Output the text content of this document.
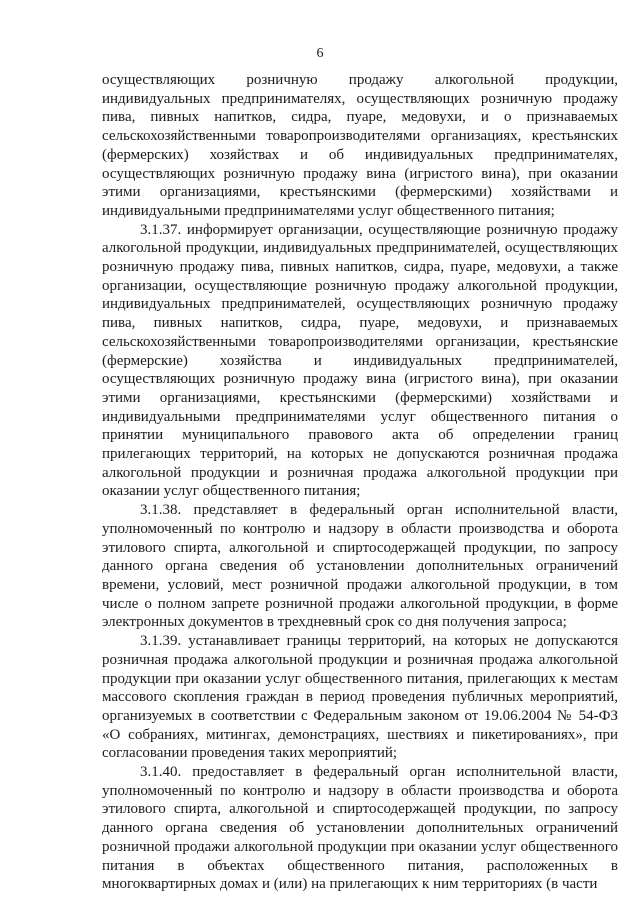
6

осуществляющих розничную продажу алкогольной продукции, индивидуальных предпринимателях, осуществляющих розничную продажу пива, пивных напитков, сидра, пуаре, медовухи, и о признаваемых сельскохозяйственными товаропроизводителями организациях, крестьянских (фермерских) хозяйствах и об индивидуальных предпринимателях, осуществляющих розничную продажу вина (игристого вина), при оказании этими организациями, крестьянскими (фермерскими) хозяйствами и индивидуальными предпринимателями услуг общественного питания;

3.1.37. информирует организации, осуществляющие розничную продажу алкогольной продукции, индивидуальных предпринимателей, осуществляющих розничную продажу пива, пивных напитков, сидра, пуаре, медовухи, а также организации, осуществляющие розничную продажу алкогольной продукции, индивидуальных предпринимателей, осуществляющих розничную продажу пива, пивных напитков, сидра, пуаре, медовухи, и признаваемых сельскохозяйственными товаропроизводителями организации, крестьянские (фермерские) хозяйства и индивидуальных предпринимателей, осуществляющих розничную продажу вина (игристого вина), при оказании этими организациями, крестьянскими (фермерскими) хозяйствами и индивидуальными предпринимателями услуг общественного питания о принятии муниципального правового акта об определении границ прилегающих территорий, на которых не допускаются розничная продажа алкогольной продукции и розничная продажа алкогольной продукции при оказании услуг общественного питания;

3.1.38. представляет в федеральный орган исполнительной власти, уполномоченный по контролю и надзору в области производства и оборота этилового спирта, алкогольной и спиртосодержащей продукции, по запросу данного органа сведения об установлении дополнительных ограничений времени, условий, мест розничной продажи алкогольной продукции, в том числе о полном запрете розничной продажи алкогольной продукции, в форме электронных документов в трехдневный срок со дня получения запроса;

3.1.39. устанавливает границы территорий, на которых не допускаются розничная продажа алкогольной продукции и розничная продажа алкогольной продукции при оказании услуг общественного питания, прилегающих к местам массового скопления граждан в период проведения публичных мероприятий, организуемых в соответствии с Федеральным законом от 19.06.2004 № 54-ФЗ «О собраниях, митингах, демонстрациях, шествиях и пикетированиях», при согласовании проведения таких мероприятий;

3.1.40. предоставляет в федеральный орган исполнительной власти, уполномоченный по контролю и надзору в области производства и оборота этилового спирта, алкогольной и спиртосодержащей продукции, по запросу данного органа сведения об установлении дополнительных ограничений розничной продажи алкогольной продукции при оказании услуг общественного питания в объектах общественного питания, расположенных в многоквартирных домах и (или) на прилегающих к ним территориях (в части
